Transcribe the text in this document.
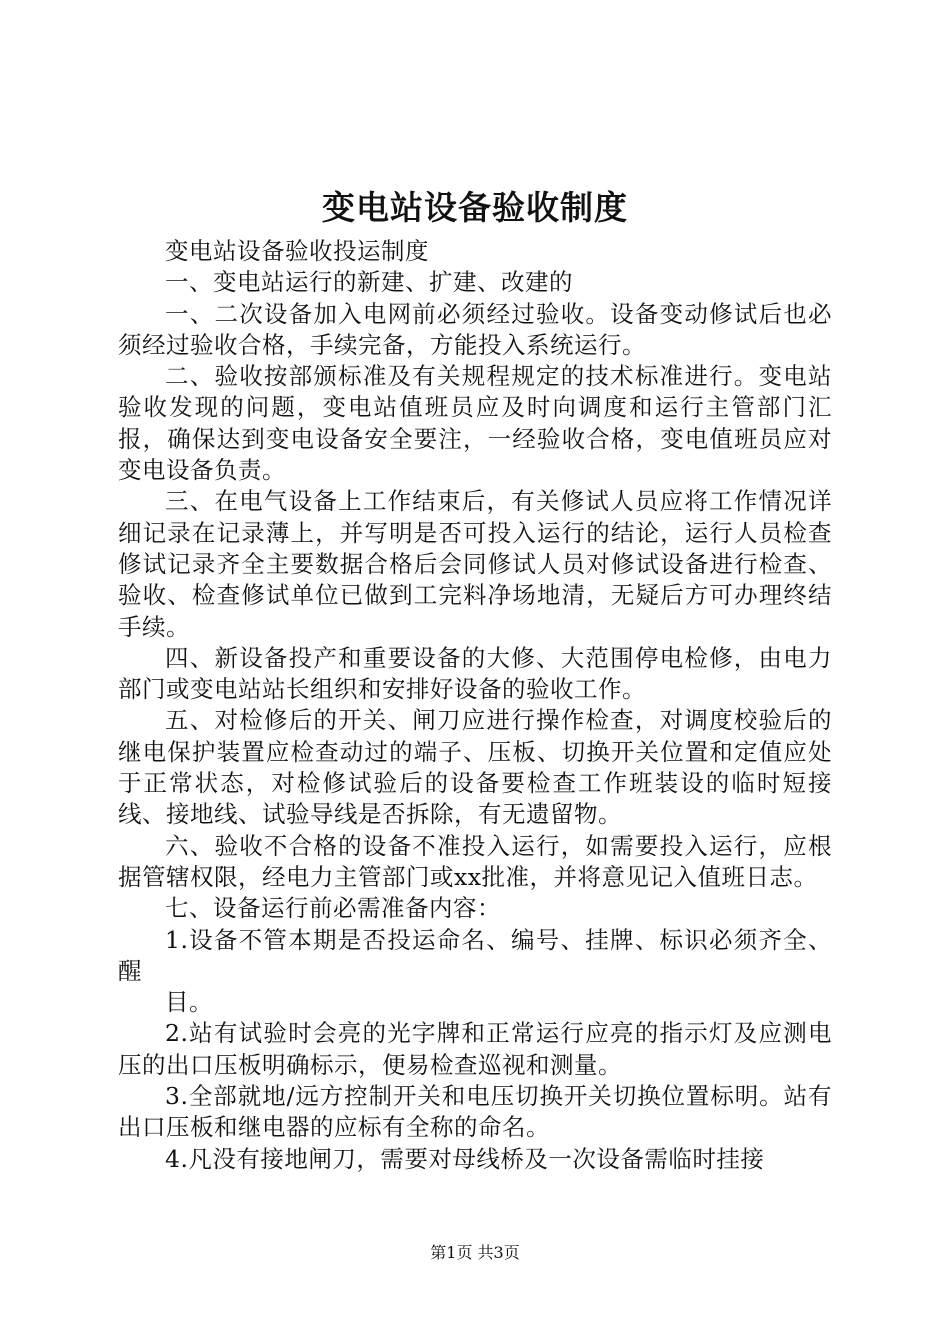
变电站设备验收制度

变电站设备验收投运制度

一、变电站运行的新建、扩建、改建的

一、二次设备加入电网前必须经过验收。设备变动修试后也必须经过验收合格，手续完备，方能投入系统运行。

二、验收按部颁标准及有关规程规定的技术标准进行。变电站验收发现的问题，变电站值班员应及时向调度和运行主管部门汇报，确保达到变电设备安全要注，一经验收合格，变电值班员应对变电设备负责。

三、在电气设备上工作结束后，有关修试人员应将工作情况详细记录在记录薄上，并写明是否可投入运行的结论，运行人员检查修试记录齐全主要数据合格后会同修试人员对修试设备进行检查、验收、检查修试单位已做到工完料净场地清，无疑后方可办理终结手续。

四、新设备投产和重要设备的大修、大范围停电检修，由电力部门或变电站站长组织和安排好设备的验收工作。

五、对检修后的开关、闸刀应进行操作检查，对调度校验后的继电保护装置应检查动过的端子、压板、切换开关位置和定值应处于正常状态，对检修试验后的设备要检查工作班装设的临时短接线、接地线、试验导线是否拆除，有无遗留物。

六、验收不合格的设备不准投入运行，如需要投入运行，应根据管辖权限，经电力主管部门或xx批准，并将意见记入值班日志。

七、设备运行前必需准备内容：

1.设备不管本期是否投运命名、编号、挂牌、标识必须齐全、醒

目。

2.站有试验时会亮的光字牌和正常运行应亮的指示灯及应测电压的出口压板明确标示，便易检查巡视和测量。

3.全部就地/远方控制开关和电压切换开关切换位置标明。站有出口压板和继电器的应标有全称的命名。

4.凡没有接地闸刀，需要对母线桥及一次设备需临时挂接

第1页 共3页
